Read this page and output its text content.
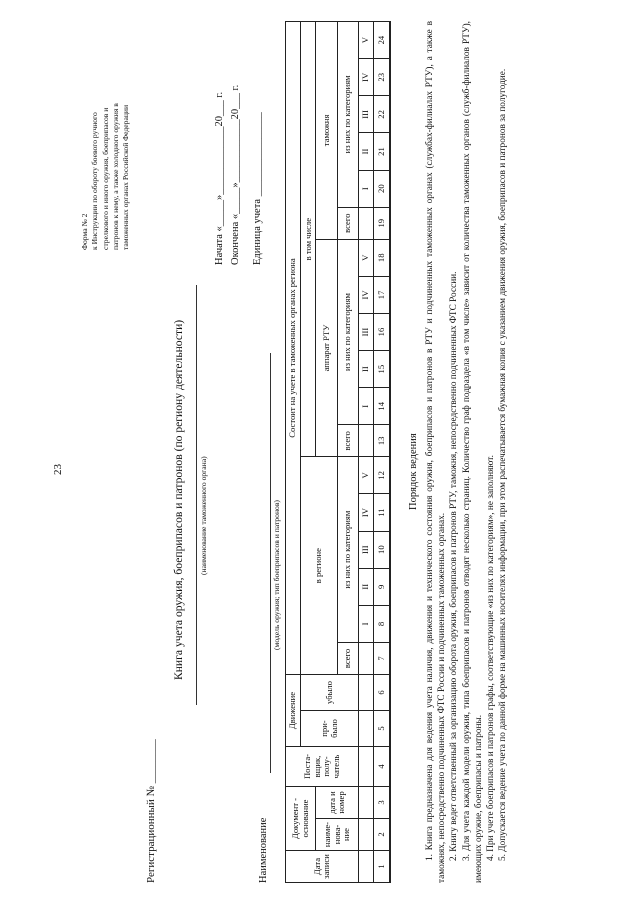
23
Форма № 2 к Инструкции по обороту боевого ручного стрелкового и иного оружия, боеприпасов и патронов к нему, а также холодного оружия в таможенных органах Российской Федерации
Регистрационный № ________
Книга учета оружия, боеприпасов и патронов (по региону деятельности) (наименование таможенного органа)
Начата «_____»_____________20___ г. Окончена «_____»____________20___ г. Единица учета ________________
Наименование
(модель оружия; тип боеприпасов и патронов)
Дата записи	Документ - основание		Поста-вщик, полу-чатель	Движение		Состоит на учете в таможенных органах региона																	
				при-было	убыло	в регионе						в том числе											
	наиме-нова-ние	дата и номер										аппарат РТУ						таможня					
						всего	из них по категориям					всего	из них по категориям					всего	из них по категориям				
							I	II	III	IV	V		I	II	III	IV	V		I	II	III	IV	V
1	2	3	4	5	6	7	8	9	10	11	12	13	14	15	16	17	18	19	20	21	22	23	24

Порядок ведения 1. Книга предназначена для ведения учета наличия, движения и технического состояния оружия, боеприпасов и патронов в РТУ и подчиненных таможенных органах (службах-филиалах РТУ), а также в таможнях, непосредственно подчиненных ФТС России и подчиненных таможенных органах. 2. Книгу ведет ответственный за организацию оборота оружия, боеприпасов и патронов РТУ, таможня, непосредственно подчиненных ФТС России. 3. Для учета каждой модели оружия, типа боеприпасов и патронов отводят несколько страниц. Количество граф подраздела «в том числе» зависит от количества таможенных органов (служб-филиалов РТУ), имеющих оружие, боеприпасы и патроны. 4. При учете боеприпасов и патронов графы, соответствующие «из них по категориям», не заполняют. 5. Допускается ведение учета по данной форме на машинных носителях информации, при этом распечатывается бумажная копия с указанием движения оружия, боеприпасов и патронов за полугодие.
